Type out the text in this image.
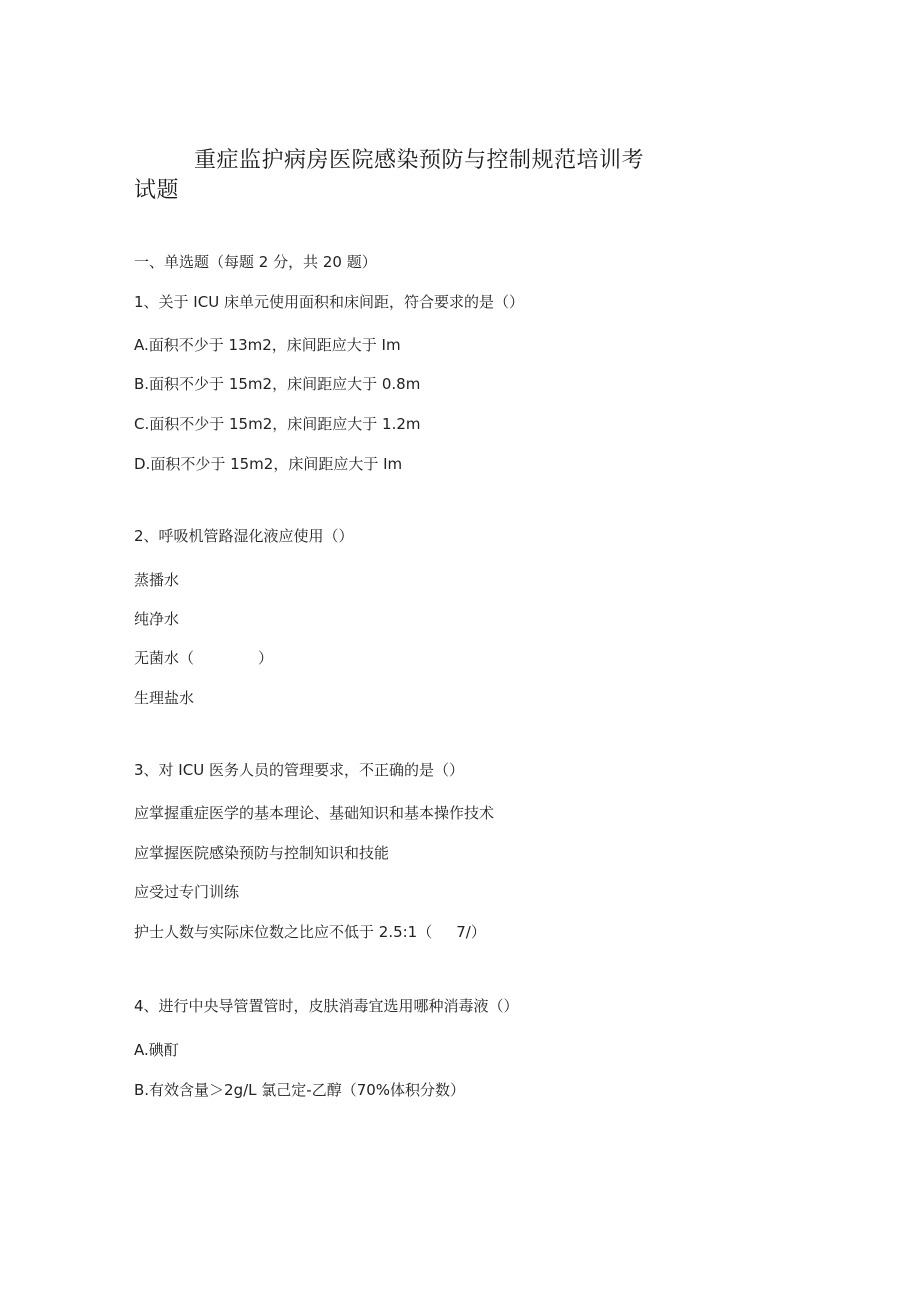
重症监护病房医院感染预防与控制规范培训考
试题
一、单选题（每题 2 分，共 20 题）
1、关于 ICU 床单元使用面积和床间距，符合要求的是（）
A.面积不少于 13m2，床间距应大于 Im
B.面积不少于 15m2，床间距应大于 0.8m
C.面积不少于 15m2，床间距应大于 1.2m
D.面积不少于 15m2，床间距应大于 Im
2、呼吸机管路湿化液应使用（）
蒸播水
纯净水
无菌水（	）
生理盐水
3、对 ICU 医务人员的管理要求，不正确的是（）
应掌握重症医学的基本理论、基础知识和基本操作技术
应掌握医院感染预防与控制知识和技能
应受过专门训练
护士人数与实际床位数之比应不低于 2.5:1（ 7/）
4、进行中央导管置管时，皮肤消毒宜选用哪种消毒液（）
A.碘酊
B.有效含量＞2g/L 氯己定-乙醇（70%体积分数）
